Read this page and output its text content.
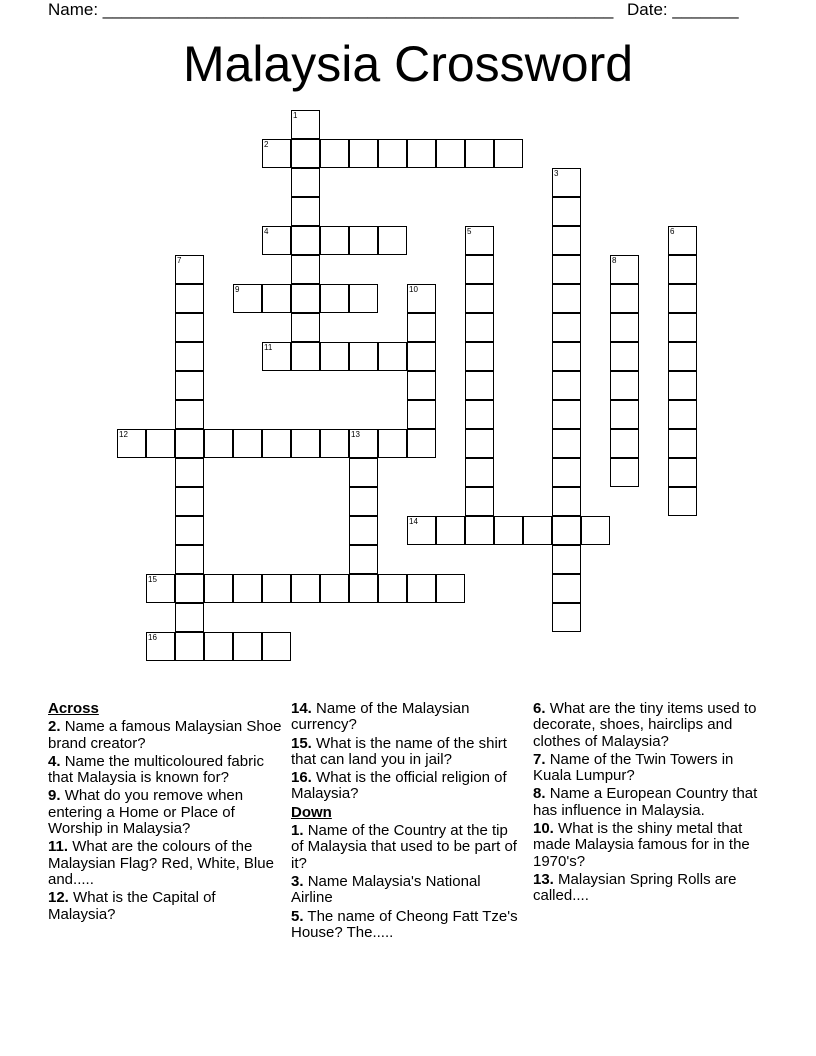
Name: ______________________________________________________ Date: _______
Malaysia Crossword
1
2
3
4	5	6
7	8
9	10
11
12	13
14
15
16
Across
2. Name a famous Malaysian Shoe brand creator?
4. Name the multicoloured fabric that Malaysia is known for?
9. What do you remove when entering a Home or Place of Worship in Malaysia?
11. What are the colours of the Malaysian Flag? Red, White, Blue and.....
12. What is the Capital of Malaysia?
14. Name of the Malaysian currency?
15. What is the name of the shirt that can land you in jail?
16. What is the official religion of Malaysia?
Down
1. Name of the Country at the tip of Malaysia that used to be part of it?
3. Name Malaysia's National Airline
5. The name of Cheong Fatt Tze's House? The.....
6. What are the tiny items used to decorate, shoes, hairclips and clothes of Malaysia?
7. Name of the Twin Towers in Kuala Lumpur?
8. Name a European Country that has influence in Malaysia.
10. What is the shiny metal that made Malaysia famous for in the 1970's?
13. Malaysian Spring Rolls are called....
